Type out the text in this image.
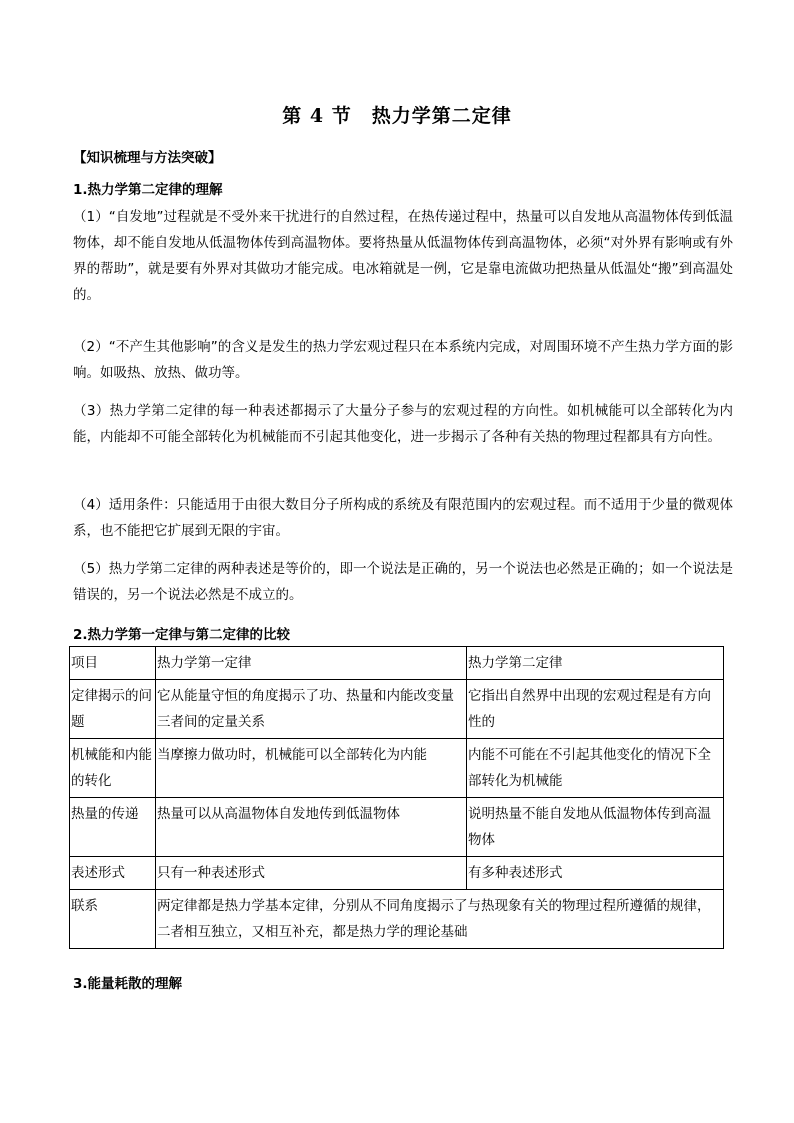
第 4 节　热力学第二定律
【知识梳理与方法突破】
1.热力学第二定律的理解
（1）“自发地”过程就是不受外来干扰进行的自然过程，在热传递过程中，热量可以自发地从高温物体传到低温物体，却不能自发地从低温物体传到高温物体。要将热量从低温物体传到高温物体，必须“对外界有影响或有外界的帮助”，就是要有外界对其做功才能完成。电冰箱就是一例，它是靠电流做功把热量从低温处“搬”到高温处的。
（2）“不产生其他影响”的含义是发生的热力学宏观过程只在本系统内完成，对周围环境不产生热力学方面的影响。如吸热、放热、做功等。
（3）热力学第二定律的每一种表述都揭示了大量分子参与的宏观过程的方向性。如机械能可以全部转化为内能，内能却不可能全部转化为机械能而不引起其他变化，进一步揭示了各种有关热的物理过程都具有方向性。
（4）适用条件：只能适用于由很大数目分子所构成的系统及有限范围内的宏观过程。而不适用于少量的微观体系，也不能把它扩展到无限的宇宙。
（5）热力学第二定律的两种表述是等价的，即一个说法是正确的，另一个说法也必然是正确的；如一个说法是错误的，另一个说法必然是不成立的。
2.热力学第一定律与第二定律的比较
项目	热力学第一定律	热力学第二定律
定律揭示的问题	它从能量守恒的角度揭示了功、热量和内能改变量三者间的定量关系	它指出自然界中出现的宏观过程是有方向性的
机械能和内能的转化	当摩擦力做功时，机械能可以全部转化为内能	内能不可能在不引起其他变化的情况下全部转化为机械能
热量的传递	热量可以从高温物体自发地传到低温物体	说明热量不能自发地从低温物体传到高温物体
表述形式	只有一种表述形式	有多种表述形式
联系	两定律都是热力学基本定律，分别从不同角度揭示了与热现象有关的物理过程所遵循的规律，二者相互独立，又相互补充，都是热力学的理论基础	
3.能量耗散的理解
